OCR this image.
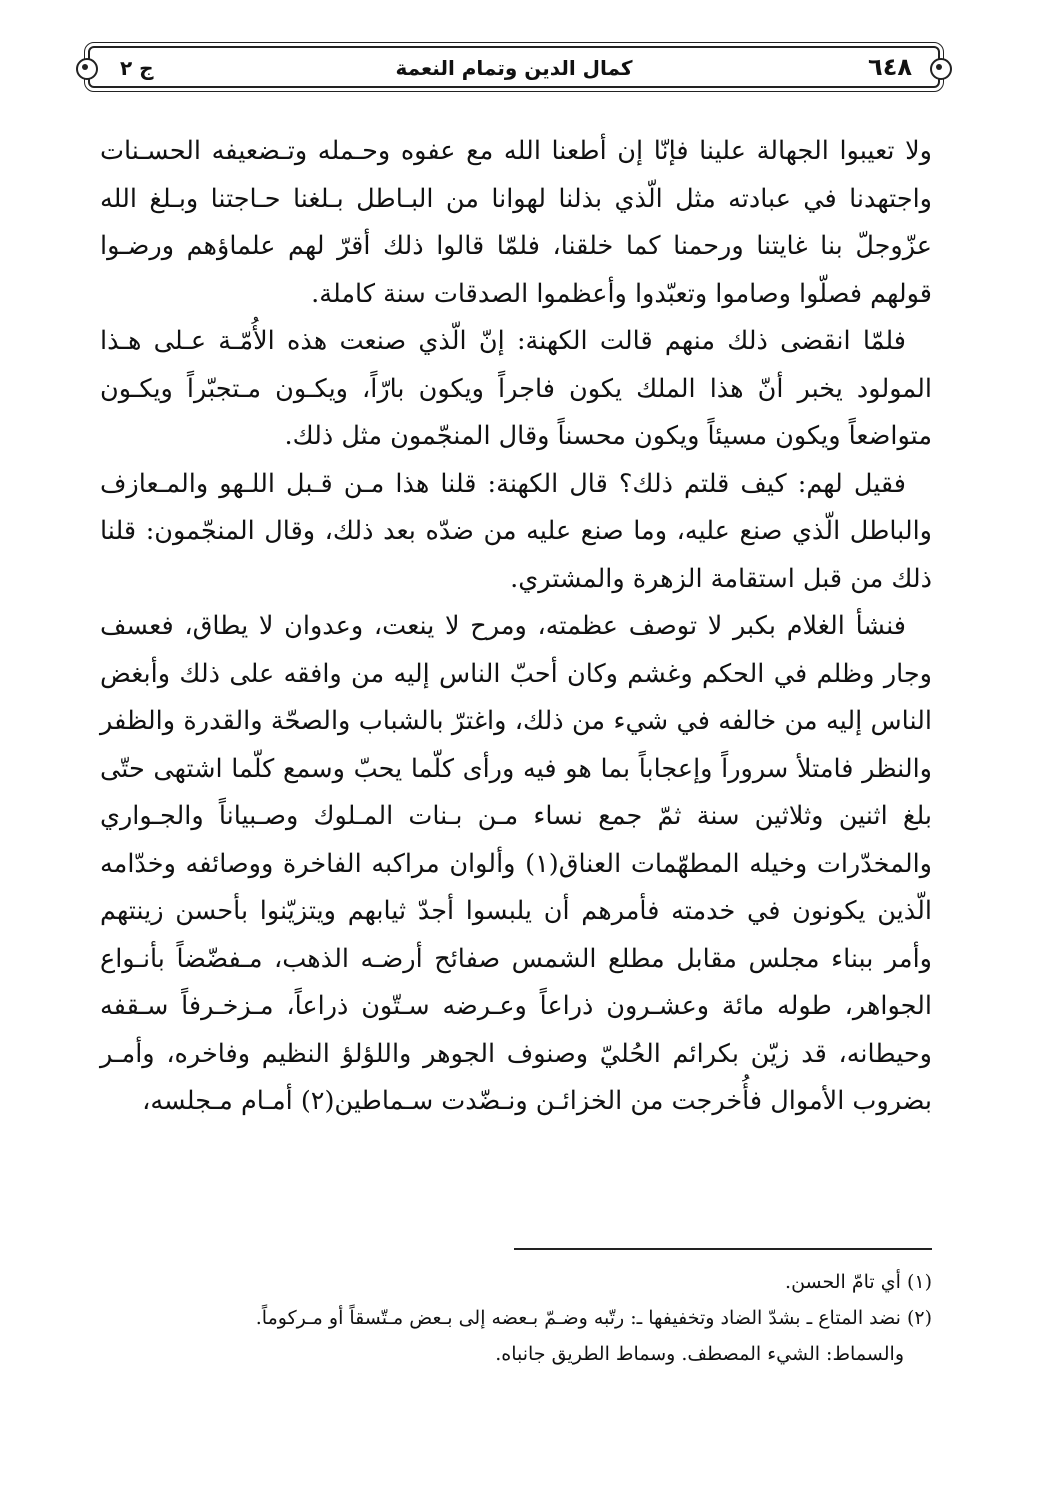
٦٤٨
كمال الدين وتمام النعمة
ج ٢

ولا تعيبوا الجهالة علينا فإنّا إن أطعنا الله مع عفوه وحـمله وتـضعيفه الحسـنات واجتهدنا في عبادته مثل الّذي بذلنا لهوانا من البـاطل بـلغنا حـاجتنا وبـلغ الله عزّوجلّ بنا غايتنا ورحمنا كما خلقنا، فلمّا قالوا ذلك أقرّ لهم علماؤهم ورضـوا قولهم فصلّوا وصاموا وتعبّدوا وأعظموا الصدقات سنة كاملة.

فلمّا انقضى ذلك منهم قالت الكهنة: إنّ الّذي صنعت هذه الأُمّـة عـلى هـذا المولود يخبر أنّ هذا الملك يكون فاجراً ويكون بارّاً، ويكـون مـتجبّراً ويكـون متواضعاً ويكون مسيئاً ويكون محسناً وقال المنجّمون مثل ذلك.

فقيل لهم: كيف قلتم ذلك؟ قال الكهنة: قلنا هذا مـن قـبل اللـهو والمـعازف والباطل الّذي صنع عليه، وما صنع عليه من ضدّه بعد ذلك، وقال المنجّمون: قلنا ذلك من قبل استقامة الزهرة والمشتري.

فنشأ الغلام بكبر لا توصف عظمته، ومرح لا ينعت، وعدوان لا يطاق، فعسف وجار وظلم في الحكم وغشم وكان أحبّ الناس إليه من وافقه على ذلك وأبغض الناس إليه من خالفه في شيء من ذلك، واغترّ بالشباب والصحّة والقدرة والظفر والنظر فامتلأ سروراً وإعجاباً بما هو فيه ورأى كلّما يحبّ وسمع كلّما اشتهى حتّى بلغ اثنين وثلاثين سنة ثمّ جمع نساء مـن بـنات المـلوك وصـبياناً والجـواري والمخدّرات وخيله المطهّمات العناق(١) وألوان مراكبه الفاخرة ووصائفه وخدّامه الّذين يكونون في خدمته فأمرهم أن يلبسوا أجدّ ثيابهم ويتزيّنوا بأحسن زينتهم وأمر ببناء مجلس مقابل مطلع الشمس صفائح أرضـه الذهب، مـفضّضاً بأنـواع الجواهر، طوله مائة وعشـرون ذراعاً وعـرضه سـتّون ذراعاً، مـزخـرفاً سـقفه وحيطانه، قد زيّن بكرائم الحُليّ وصنوف الجوهر واللؤلؤ النظيم وفاخره، وأمـر بضروب الأموال فأُخرجت من الخزائـن ونـضّدت سـماطين(٢) أمـام مـجلسه،

(١) أي تامّ الحسن.

(٢) نضد المتاع ـ بشدّ الضاد وتخفيفها ـ: رتّبه وضـمّ بـعضه إلى بـعض مـتّسقاً أو مـركوماً.

والسماط: الشيء المصطف. وسماط الطريق جانباه.
